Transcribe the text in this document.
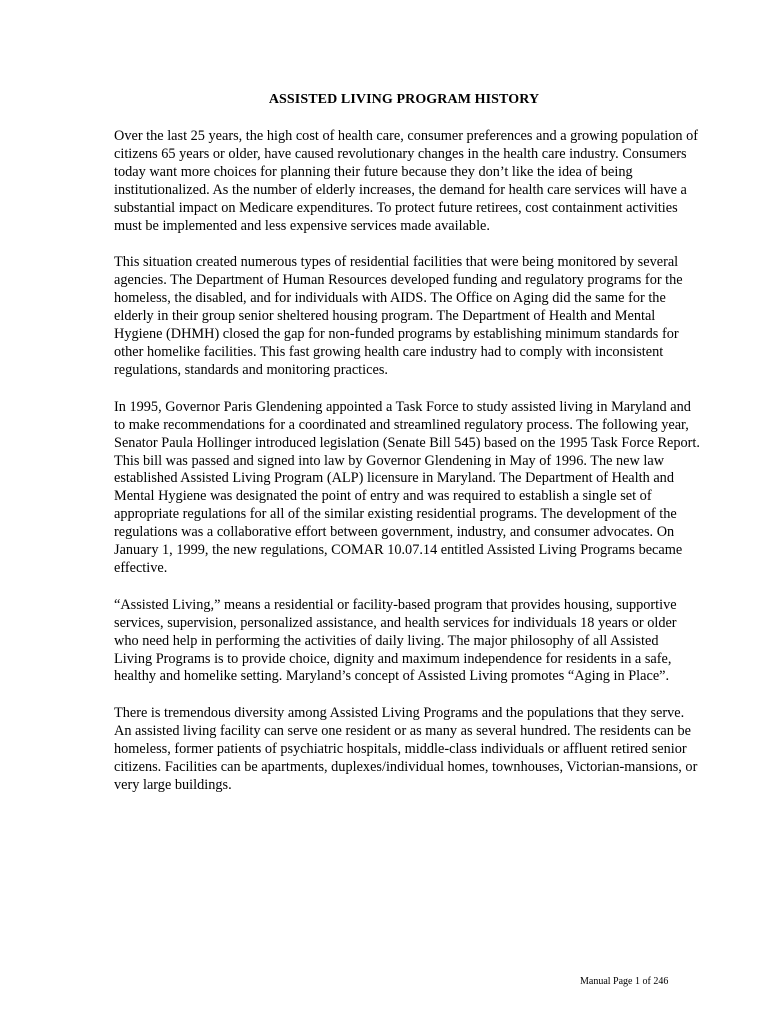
ASSISTED LIVING PROGRAM HISTORY

Over the last 25 years, the high cost of health care, consumer preferences and a growing population of citizens 65 years or older, have caused revolutionary changes in the health care industry. Consumers today want more choices for planning their future because they don’t like the idea of being institutionalized. As the number of elderly increases, the demand for health care services will have a substantial impact on Medicare expenditures. To protect future retirees, cost containment activities must be implemented and less expensive services made available.

This situation created numerous types of residential facilities that were being monitored by several agencies. The Department of Human Resources developed funding and regulatory programs for the homeless, the disabled, and for individuals with AIDS. The Office on Aging did the same for the elderly in their group senior sheltered housing program. The Department of Health and Mental Hygiene (DHMH) closed the gap for non-funded programs by establishing minimum standards for other homelike facilities. This fast growing health care industry had to comply with inconsistent regulations, standards and monitoring practices.

In 1995, Governor Paris Glendening appointed a Task Force to study assisted living in Maryland and to make recommendations for a coordinated and streamlined regulatory process. The following year, Senator Paula Hollinger introduced legislation (Senate Bill 545) based on the 1995 Task Force Report. This bill was passed and signed into law by Governor Glendening in May of 1996. The new law established Assisted Living Program (ALP) licensure in Maryland. The Department of Health and Mental Hygiene was designated the point of entry and was required to establish a single set of appropriate regulations for all of the similar existing residential programs. The development of the regulations was a collaborative effort between government, industry, and consumer advocates. On January 1, 1999, the new regulations, COMAR 10.07.14 entitled Assisted Living Programs became effective.

“Assisted Living,” means a residential or facility-based program that provides housing, supportive services, supervision, personalized assistance, and health services for individuals 18 years or older who need help in performing the activities of daily living. The major philosophy of all Assisted Living Programs is to provide choice, dignity and maximum independence for residents in a safe, healthy and homelike setting. Maryland’s concept of Assisted Living promotes “Aging in Place”.

There is tremendous diversity among Assisted Living Programs and the populations that they serve. An assisted living facility can serve one resident or as many as several hundred. The residents can be homeless, former patients of psychiatric hospitals, middle-class individuals or affluent retired senior citizens. Facilities can be apartments, duplexes/individual homes, townhouses, Victorian-mansions, or very large buildings.

Manual Page 1 of 246
